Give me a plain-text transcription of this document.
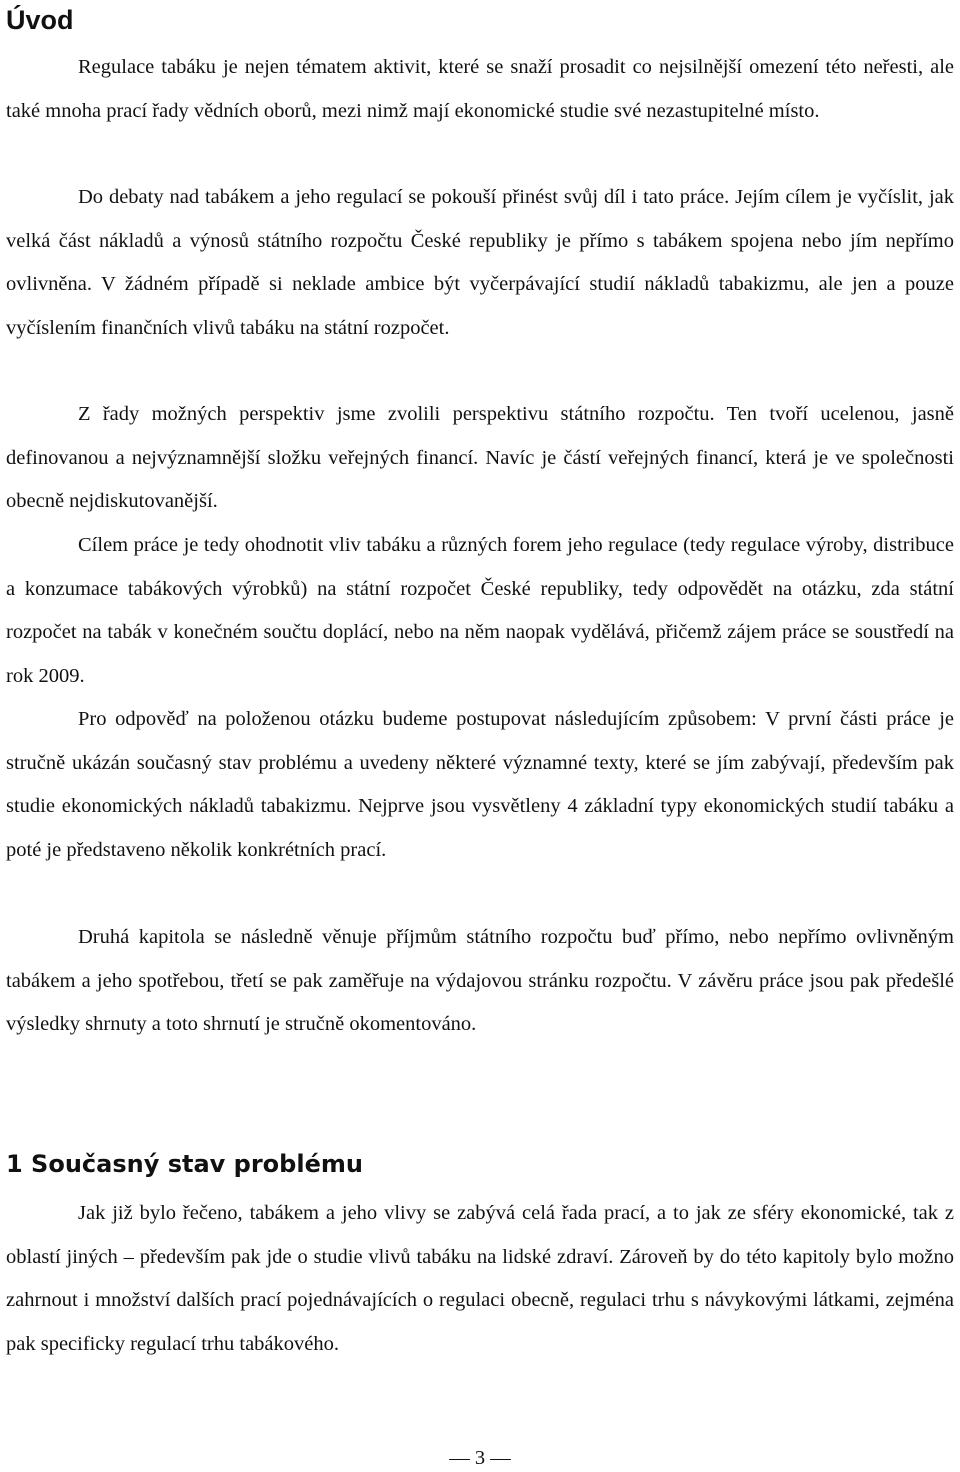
Úvod

Regulace tabáku je nejen tématem aktivit, které se snaží prosadit co nejsilnější omezení této neřesti, ale také mnoha prací řady vědních oborů, mezi nimž mají ekonomické studie své nezastupitelné místo.

Do debaty nad tabákem a jeho regulací se pokouší přinést svůj díl i tato práce. Jejím cílem je vyčíslit, jak velká část nákladů a výnosů státního rozpočtu České republiky je přímo s tabákem spojena nebo jím nepřímo ovlivněna. V žádném případě si neklade ambice být vyčerpávající studií nákladů tabakizmu, ale jen a pouze vyčíslením finančních vlivů tabáku na státní rozpočet.

Z řady možných perspektiv jsme zvolili perspektivu státního rozpočtu. Ten tvoří ucelenou, jasně definovanou a nejvýznamnější složku veřejných financí. Navíc je částí veřejných financí, která je ve společnosti obecně nejdiskutovanější.

Cílem práce je tedy ohodnotit vliv tabáku a různých forem jeho regulace (tedy regulace výroby, distribuce a konzumace tabákových výrobků) na státní rozpočet České republiky, tedy odpovědět na otázku, zda státní rozpočet na tabák v konečném součtu doplácí, nebo na něm naopak vydělává, přičemž zájem práce se soustředí na rok 2009.

Pro odpověď na položenou otázku budeme postupovat následujícím způsobem: V první části práce je stručně ukázán současný stav problému a uvedeny některé významné texty, které se jím zabývají, především pak studie ekonomických nákladů tabakizmu. Nejprve jsou vysvětleny 4 základní typy ekonomických studií tabáku a poté je představeno několik konkrétních prací.

Druhá kapitola se následně věnuje příjmům státního rozpočtu buď přímo, nebo nepřímo ovlivněným tabákem a jeho spotřebou, třetí se pak zaměřuje na výdajovou stránku rozpočtu. V závěru práce jsou pak předešlé výsledky shrnuty a toto shrnutí je stručně okomentováno.

1 Současný stav problému

Jak již bylo řečeno, tabákem a jeho vlivy se zabývá celá řada prací, a to jak ze sféry ekonomické, tak z oblastí jiných – především pak jde o studie vlivů tabáku na lidské zdraví. Zároveň by do této kapitoly bylo možno zahrnout i množství dalších prací pojednávajících o regulaci obecně, regulaci trhu s návykovými látkami, zejména pak specificky regulací trhu tabákového.

— 3 —
